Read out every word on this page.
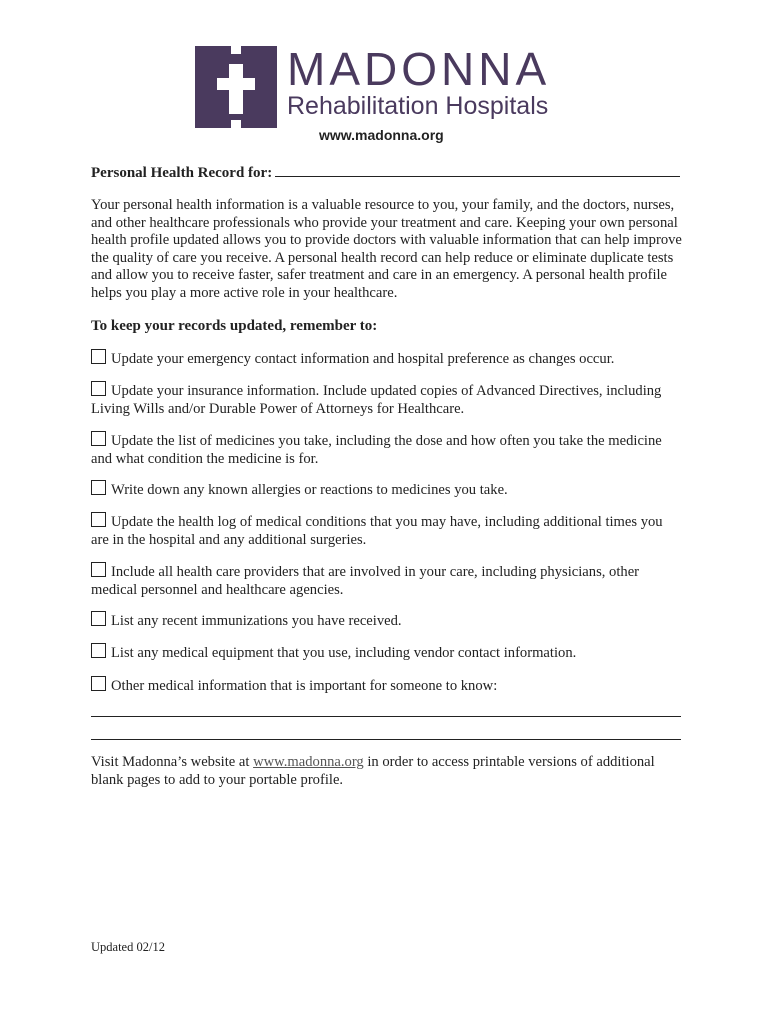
MADONNA
Rehabilitation Hospitals
www.madonna.org
Personal Health Record for:

Your personal health information is a valuable resource to you, your family, and the doctors, nurses, and other healthcare professionals who provide your treatment and care. Keeping your own personal health profile updated allows you to provide doctors with valuable information that can help improve the quality of care you receive. A personal health record can help reduce or eliminate duplicate tests and allow you to receive faster, safer treatment and care in an emergency. A personal health profile helps you play a more active role in your healthcare.

To keep your records updated, remember to:
Update your emergency contact information and hospital preference as changes occur.
Update your insurance information. Include updated copies of Advanced Directives, including Living Wills and/or Durable Power of Attorneys for Healthcare.
Update the list of medicines you take, including the dose and how often you take the medicine and what condition the medicine is for.
Write down any known allergies or reactions to medicines you take.
Update the health log of medical conditions that you may have, including additional times you are in the hospital and any additional surgeries.
Include all health care providers that are involved in your care, including physicians, other medical personnel and healthcare agencies.
List any recent immunizations you have received.
List any medical equipment that you use, including vendor contact information.
Other medical information that is important for someone to know:

Visit Madonna’s website at www.madonna.org in order to access printable versions of additional blank pages to add to your portable profile.

Updated 02/12
